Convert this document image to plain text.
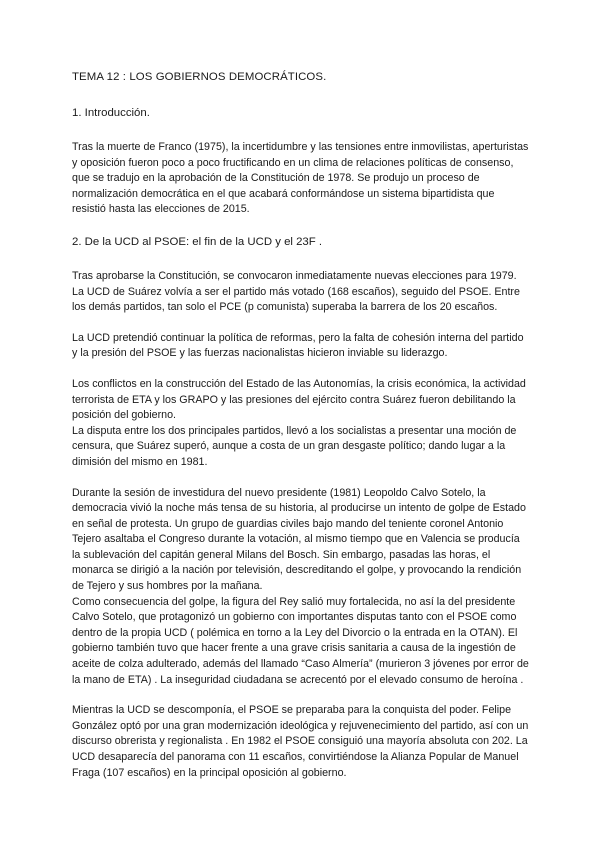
TEMA 12 : LOS GOBIERNOS DEMOCRÁTICOS.
1. Introducción.

Tras la muerte de Franco (1975), la incertidumbre y las tensiones entre inmovilistas, aperturistas y oposición fueron poco a poco fructificando en un clima de relaciones políticas de consenso, que se tradujo en la aprobación de la Constitución de 1978. Se produjo un proceso de normalización democrática en el que acabará conformándose un sistema bipartidista que resistió hasta las elecciones de 2015.

2. De la UCD al PSOE: el fin de la UCD y el 23F .

Tras aprobarse la Constitución, se convocaron inmediatamente nuevas elecciones para 1979. La UCD de Suárez volvía a ser el partido más votado (168 escaños), seguido del PSOE. Entre los demás partidos, tan solo el PCE (p comunista) superaba la barrera de los 20 escaños.

La UCD pretendió continuar la política de reformas, pero la falta de cohesión interna del partido y la presión del PSOE y las fuerzas nacionalistas hicieron inviable su liderazgo.

Los conflictos en la construcción del Estado de las Autonomías, la crisis económica, la actividad terrorista de ETA y los GRAPO y las presiones del ejército contra Suárez fueron debilitando la posición del gobierno.

La disputa entre los dos principales partidos, llevó a los socialistas a presentar una moción de censura, que Suárez superó, aunque a costa de un gran desgaste político; dando lugar a la dimisión del mismo en 1981.

Durante la sesión de investidura del nuevo presidente (1981) Leopoldo Calvo Sotelo, la democracia vivió la noche más tensa de su historia, al producirse un intento de golpe de Estado en señal de protesta. Un grupo de guardias civiles bajo mando del teniente coronel Antonio Tejero asaltaba el Congreso durante la votación, al mismo tiempo que en Valencia se producía la sublevación del capitán general Milans del Bosch. Sin embargo, pasadas las horas, el monarca se dirigió a la nación por televisión, descreditando el golpe, y provocando la rendición de Tejero y sus hombres por la mañana.

Como consecuencia del golpe, la figura del Rey salió muy fortalecida, no así la del presidente Calvo Sotelo, que protagonizó un gobierno con importantes disputas tanto con el PSOE como dentro de la propia UCD ( polémica en torno a la Ley del Divorcio o la entrada en la OTAN). El gobierno también tuvo que hacer frente a una grave crisis sanitaria a causa de la ingestión de aceite de colza adulterado, además del llamado “Caso Almería” (murieron 3 jóvenes por error de la mano de ETA) . La inseguridad ciudadana se acrecentó por el elevado consumo de heroína .

Mientras la UCD se descomponía, el PSOE se preparaba para la conquista del poder. Felipe González optó por una gran modernización ideológica y rejuvenecimiento del partido, así con un discurso obrerista y regionalista . En 1982 el PSOE consiguió una mayoría absoluta con 202. La UCD desaparecía del panorama con 11 escaños, convirtiéndose la Alianza Popular de Manuel Fraga (107 escaños) en la principal oposición al gobierno.
